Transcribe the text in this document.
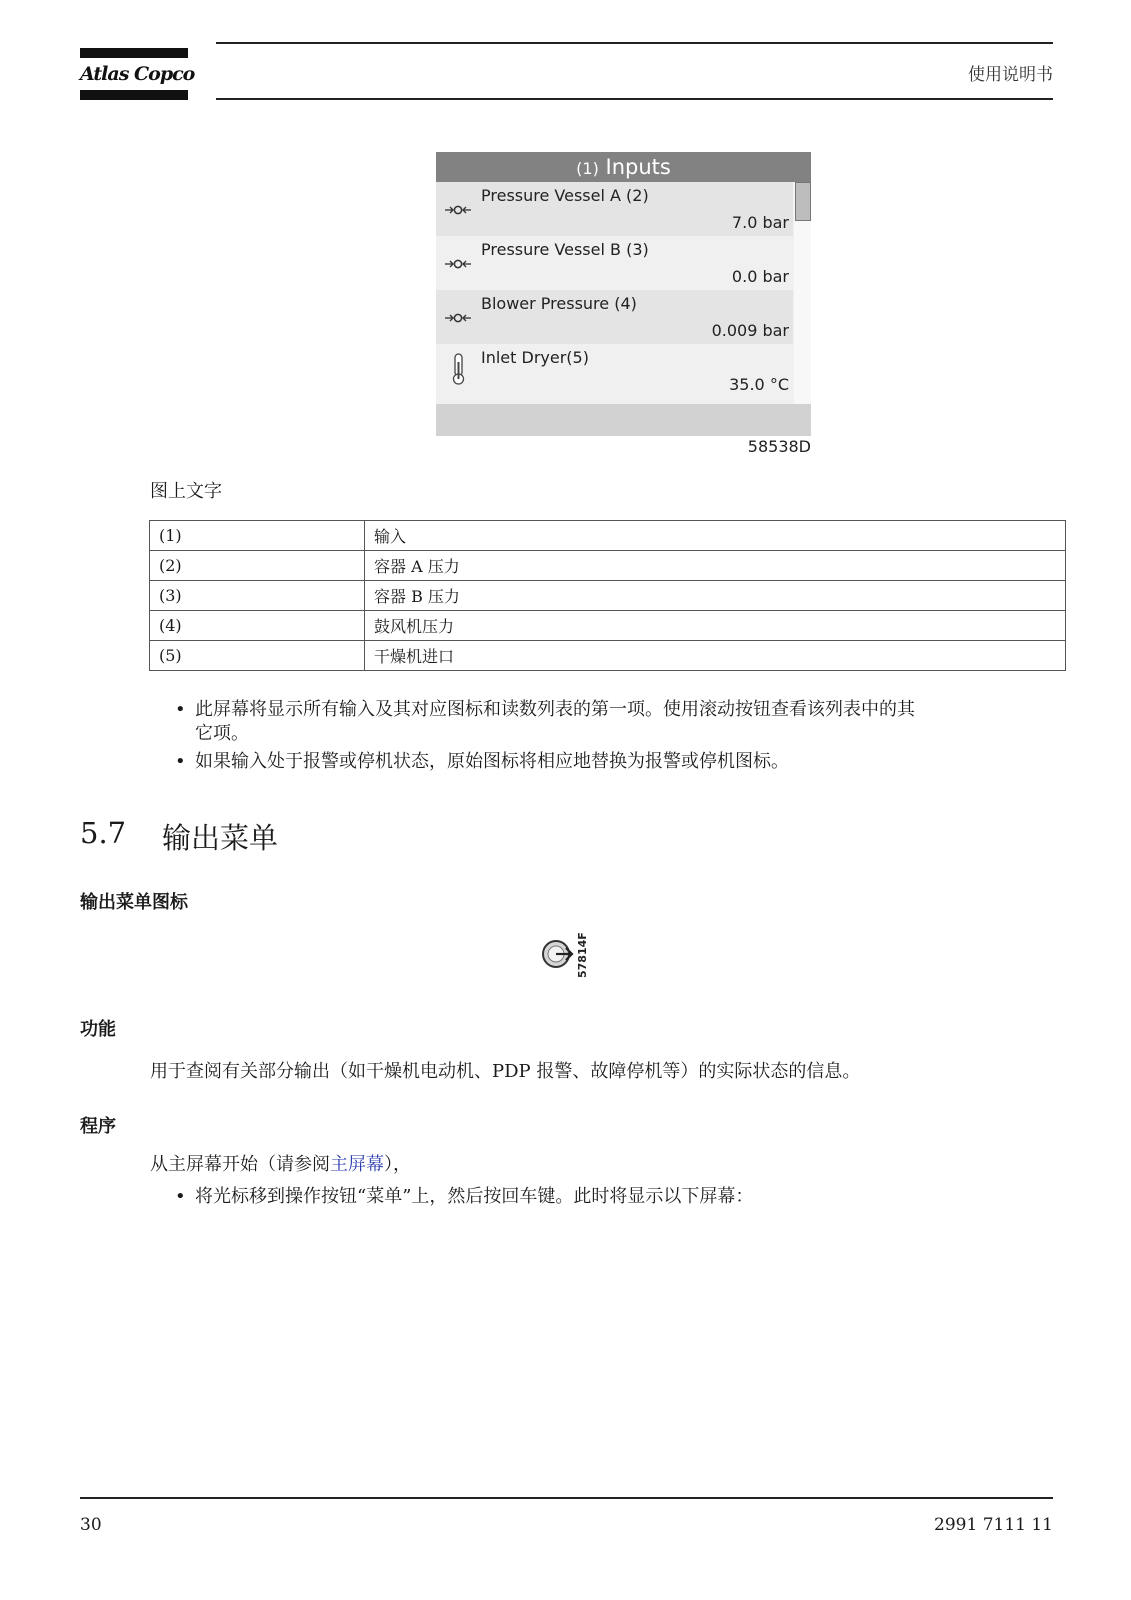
Atlas Copco	使用说明书
(1) Inputs
Pressure Vessel A (2)
7.0 bar
Pressure Vessel B (3)
0.0 bar
Blower Pressure (4)
0.009 bar
Inlet Dryer(5)
35.0 °C
58538D
图上文字
(1)	输入
(2)	容器 A 压力
(3)	容器 B 压力
(4)	鼓风机压力
(5)	干燥机进口
• 此屏幕将显示所有输入及其对应图标和读数列表的第一项。使用滚动按钮查看该列表中的其
它项。
• 如果输入处于报警或停机状态，原始图标将相应地替换为报警或停机图标。
5.7 输出菜单
输出菜单图标
57814F
功能
用于查阅有关部分输出（如干燥机电动机、PDP 报警、故障停机等）的实际状态的信息。
程序
从主屏幕开始（请参阅主屏幕），
• 将光标移到操作按钮“菜单”上，然后按回车键。此时将显示以下屏幕：
30	2991 7111 11
